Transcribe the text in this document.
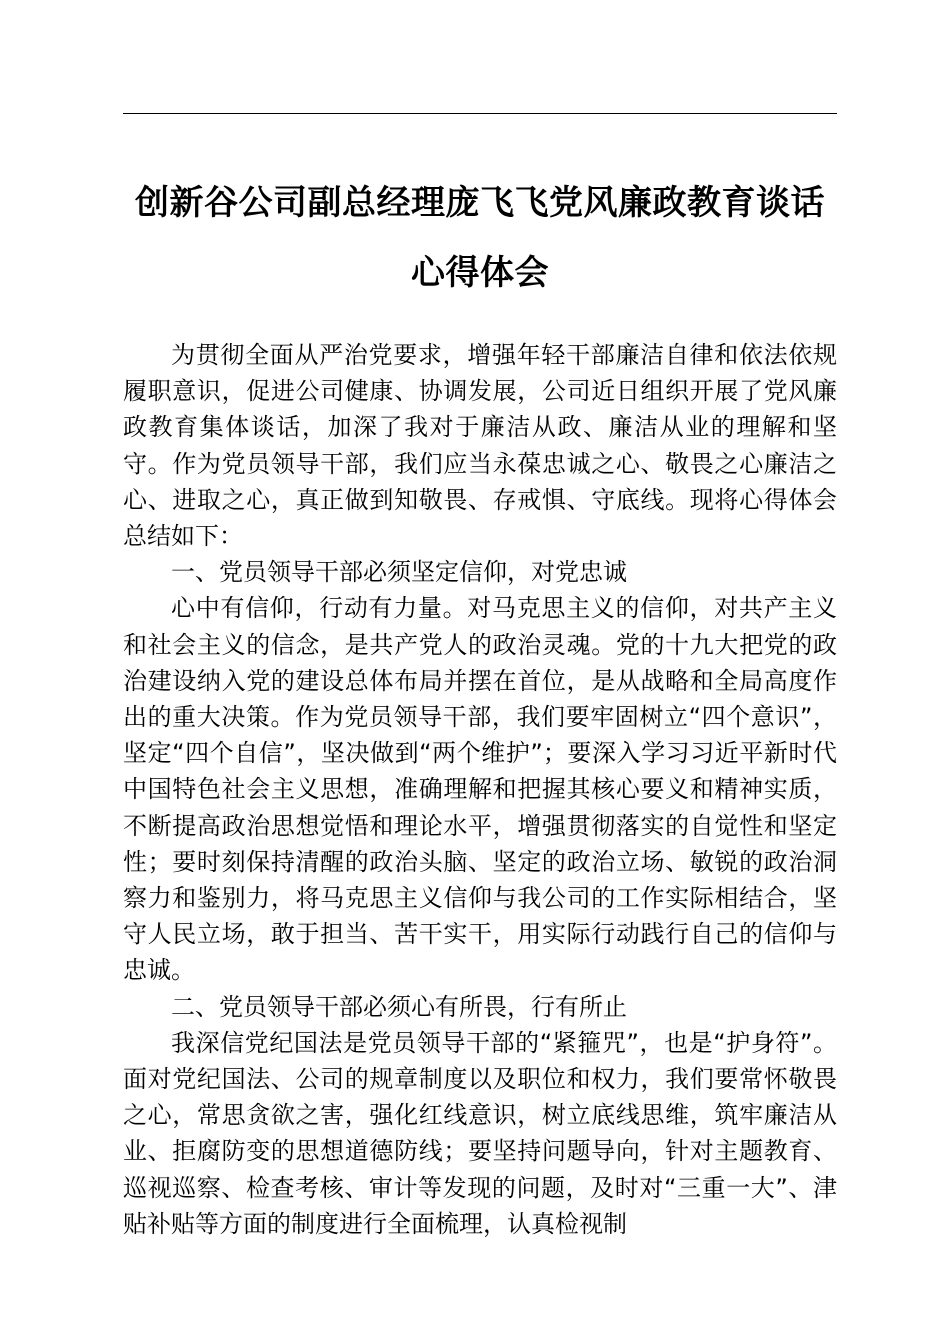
创新谷公司副总经理庞飞飞党风廉政教育谈话
心得体会

为贯彻全面从严治党要求，增强年轻干部廉洁自律和依法依规履职意识，促进公司健康、协调发展，公司近日组织开展了党风廉政教育集体谈话，加深了我对于廉洁从政、廉洁从业的理解和坚守。作为党员领导干部，我们应当永葆忠诚之心、敬畏之心廉洁之心、进取之心，真正做到知敬畏、存戒惧、守底线。现将心得体会总结如下：

一、党员领导干部必须坚定信仰，对党忠诚

心中有信仰，行动有力量。对马克思主义的信仰，对共产主义和社会主义的信念，是共产党人的政治灵魂。党的十九大把党的政治建设纳入党的建设总体布局并摆在首位，是从战略和全局高度作出的重大决策。作为党员领导干部，我们要牢固树立“四个意识”，坚定“四个自信”，坚决做到“两个维护”；要深入学习习近平新时代中国特色社会主义思想，准确理解和把握其核心要义和精神实质，不断提高政治思想觉悟和理论水平，增强贯彻落实的自觉性和坚定性；要时刻保持清醒的政治头脑、坚定的政治立场、敏锐的政治洞察力和鉴别力，将马克思主义信仰与我公司的工作实际相结合，坚守人民立场，敢于担当、苦干实干，用实际行动践行自己的信仰与忠诚。

二、党员领导干部必须心有所畏，行有所止

我深信党纪国法是党员领导干部的“紧箍咒”，也是“护身符”。面对党纪国法、公司的规章制度以及职位和权力，我们要常怀敬畏之心，常思贪欲之害，强化红线意识，树立底线思维，筑牢廉洁从业、拒腐防变的思想道德防线；要坚持问题导向，针对主题教育、巡视巡察、检查考核、审计等发现的问题，及时对“三重一大”、津贴补贴等方面的制度进行全面梳理，认真检视制
